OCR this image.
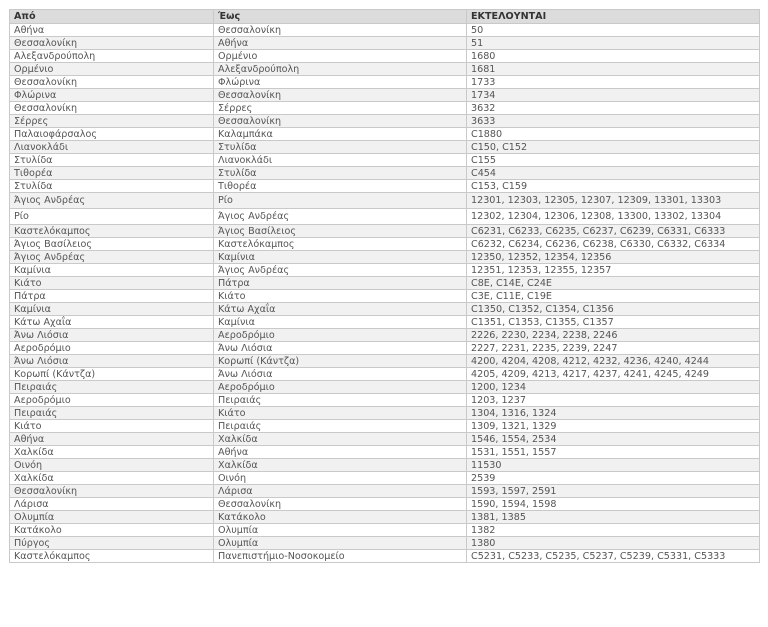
Από	Έως	ΕΚΤΕΛΟΥΝΤΑΙ
Αθήνα	Θεσσαλονίκη	50
Θεσσαλονίκη	Αθήνα	51
Αλεξανδρούπολη	Ορμένιο	1680
Ορμένιο	Αλεξανδρούπολη	1681
Θεσσαλονίκη	Φλώρινα	1733
Φλώρινα	Θεσσαλονίκη	1734
Θεσσαλονίκη	Σέρρες	3632
Σέρρες	Θεσσαλονίκη	3633
Παλαιοφάρσαλος	Καλαμπάκα	C1880
Λιανοκλάδι	Στυλίδα	C150, C152
Στυλίδα	Λιανοκλάδι	C155
Τιθορέα	Στυλίδα	C454
Στυλίδα	Τιθορέα	C153, C159
Άγιος Ανδρέας	Ρίο	12301, 12303, 12305, 12307, 12309, 13301, 13303
Ρίο	Άγιος Ανδρέας	12302, 12304, 12306, 12308, 13300, 13302, 13304
Καστελόκαμπος	Άγιος Βασίλειος	C6231, C6233, C6235, C6237, C6239, C6331, C6333
Άγιος Βασίλειος	Καστελόκαμπος	C6232, C6234, C6236, C6238, C6330, C6332, C6334
Άγιος Ανδρέας	Καμίνια	12350, 12352, 12354, 12356
Καμίνια	Άγιος Ανδρέας	12351, 12353, 12355, 12357
Κιάτο	Πάτρα	C8E, C14E, C24E
Πάτρα	Κιάτο	C3E, C11E, C19E
Καμίνια	Κάτω Αχαΐα	C1350, C1352, C1354, C1356
Κάτω Αχαΐα	Καμίνια	C1351, C1353, C1355, C1357
Άνω Λιόσια	Αεροδρόμιο	2226, 2230, 2234, 2238, 2246
Αεροδρόμιο	Άνω Λιόσια	2227, 2231, 2235, 2239, 2247
Άνω Λιόσια	Κορωπί (Κάντζα)	4200, 4204, 4208, 4212, 4232, 4236, 4240, 4244
Κορωπί (Κάντζα)	Άνω Λιόσια	4205, 4209, 4213, 4217, 4237, 4241, 4245, 4249
Πειραιάς	Αεροδρόμιο	1200, 1234
Αεροδρόμιο	Πειραιάς	1203, 1237
Πειραιάς	Κιάτο	1304, 1316, 1324
Κιάτο	Πειραιάς	1309, 1321, 1329
Αθήνα	Χαλκίδα	1546, 1554, 2534
Χαλκίδα	Αθήνα	1531, 1551, 1557
Οινόη	Χαλκίδα	11530
Χαλκίδα	Οινόη	2539
Θεσσαλονίκη	Λάρισα	1593, 1597, 2591
Λάρισα	Θεσσαλονίκη	1590, 1594, 1598
Ολυμπία	Κατάκολο	1381, 1385
Κατάκολο	Ολυμπία	1382
Πύργος	Ολυμπία	1380
Καστελόκαμπος	Πανεπιστήμιο-Νοσοκομείο	C5231, C5233, C5235, C5237, C5239, C5331, C5333
